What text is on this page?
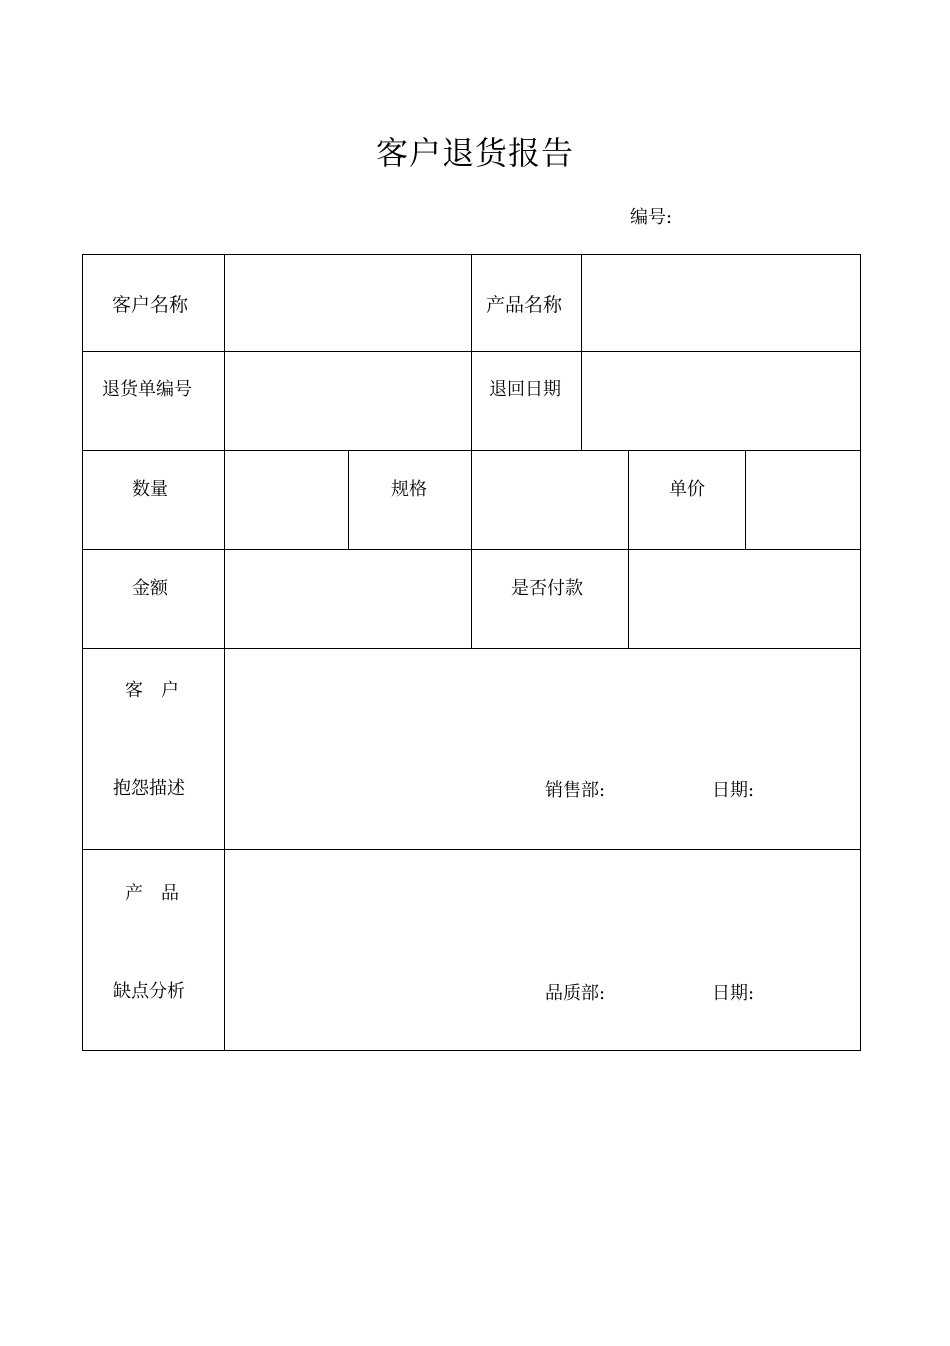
客户退货报告
编号:
客户名称	产品名称
退货单编号	退回日期
数量	规格	单价
金额	是否付款
客　户
抱怨描述	销售部:	日期:
产　品
缺点分析	品质部:	日期:
